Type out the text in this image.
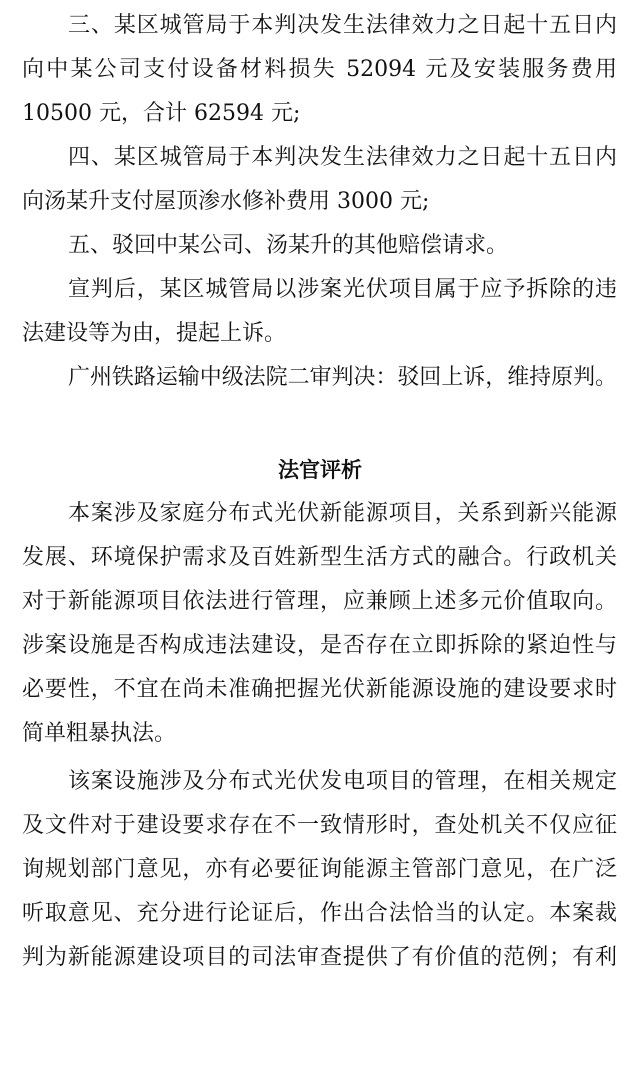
三、某区城管局于本判决发生法律效力之日起十五日内
向中某公司支付设备材料损失 52094 元及安装服务费用
10500 元，合计 62594 元;
四、某区城管局于本判决发生法律效力之日起十五日内
向汤某升支付屋顶渗水修补费用 3000 元;
五、驳回中某公司、汤某升的其他赔偿请求。
宣判后，某区城管局以涉案光伏项目属于应予拆除的违
法建设等为由，提起上诉。
广州铁路运输中级法院二审判决：驳回上诉，维持原判。
法官评析
本案涉及家庭分布式光伏新能源项目，关系到新兴能源
发展、环境保护需求及百姓新型生活方式的融合。行政机关
对于新能源项目依法进行管理，应兼顾上述多元价值取向。
涉案设施是否构成违法建设，是否存在立即拆除的紧迫性与
必要性，不宜在尚未准确把握光伏新能源设施的建设要求时
简单粗暴执法。
该案设施涉及分布式光伏发电项目的管理，在相关规定
及文件对于建设要求存在不一致情形时，查处机关不仅应征
询规划部门意见，亦有必要征询能源主管部门意见，在广泛
听取意见、充分进行论证后，作出合法恰当的认定。本案裁
判为新能源建设项目的司法审查提供了有价值的范例；有利
